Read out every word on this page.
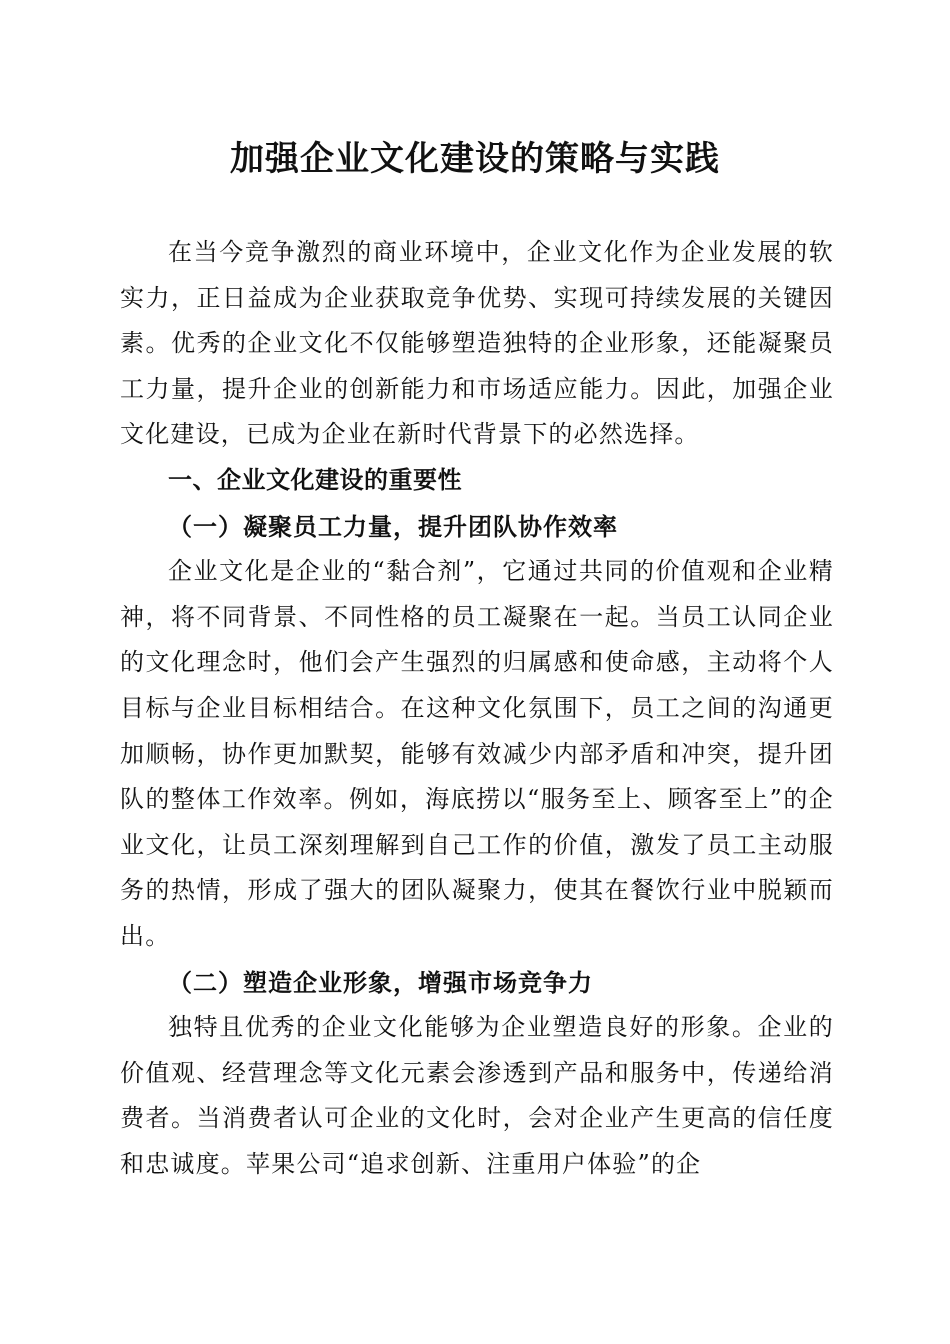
加强企业文化建设的策略与实践

在当今竞争激烈的商业环境中，企业文化作为企业发展的软实力，正日益成为企业获取竞争优势、实现可持续发展的关键因素。优秀的企业文化不仅能够塑造独特的企业形象，还能凝聚员工力量，提升企业的创新能力和市场适应能力。因此，加强企业文化建设，已成为企业在新时代背景下的必然选择。

一、企业文化建设的重要性

（一）凝聚员工力量，提升团队协作效率

企业文化是企业的“黏合剂”，它通过共同的价值观和企业精神，将不同背景、不同性格的员工凝聚在一起。当员工认同企业的文化理念时，他们会产生强烈的归属感和使命感，主动将个人目标与企业目标相结合。在这种文化氛围下，员工之间的沟通更加顺畅，协作更加默契，能够有效减少内部矛盾和冲突，提升团队的整体工作效率。例如，海底捞以“服务至上、顾客至上”的企业文化，让员工深刻理解到自己工作的价值，激发了员工主动服务的热情，形成了强大的团队凝聚力，使其在餐饮行业中脱颖而出。

（二）塑造企业形象，增强市场竞争力

独特且优秀的企业文化能够为企业塑造良好的形象。企业的价值观、经营理念等文化元素会渗透到产品和服务中，传递给消费者。当消费者认可企业的文化时，会对企业产生更高的信任度和忠诚度。苹果公司“追求创新、注重用户体验”的企
